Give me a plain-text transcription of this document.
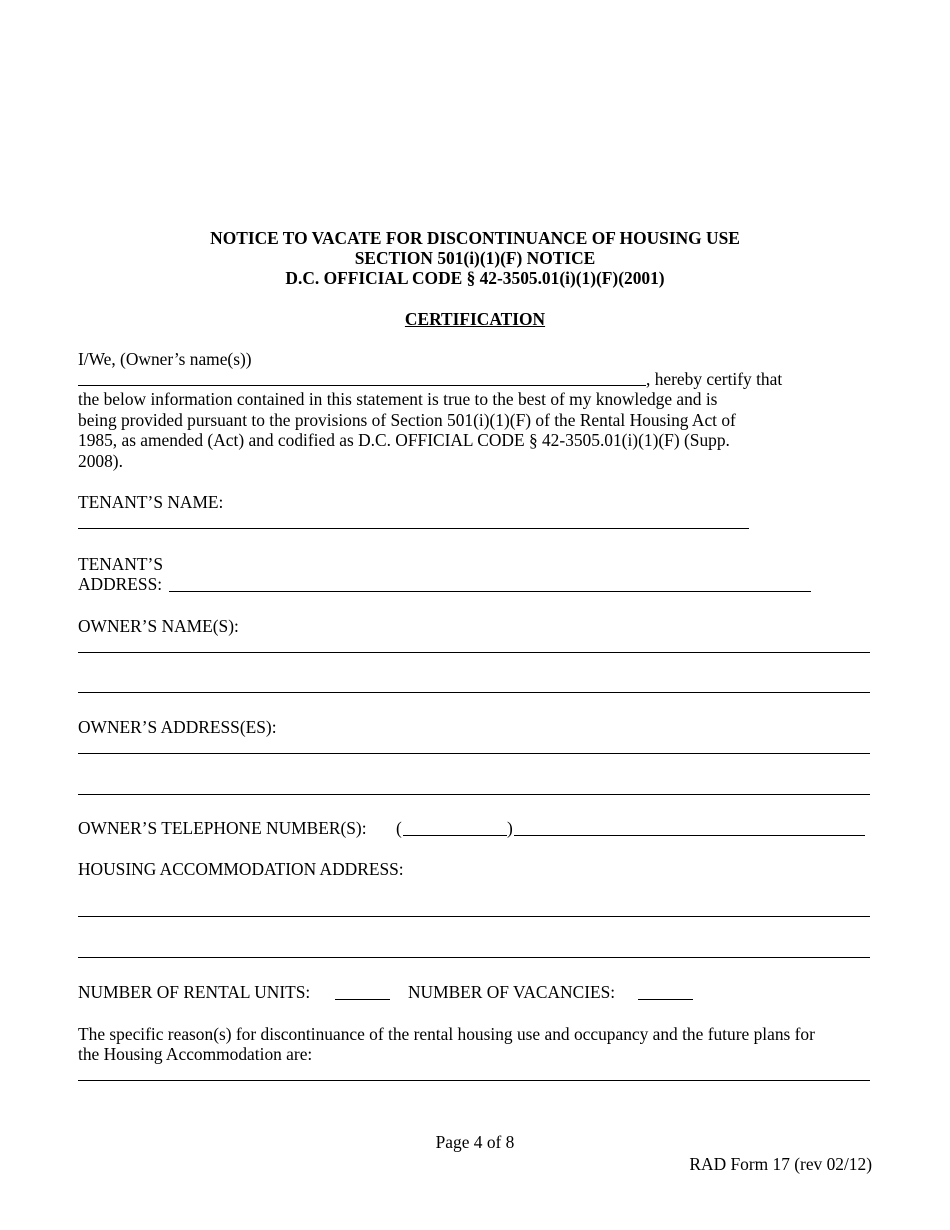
NOTICE TO VACATE FOR DISCONTINUANCE OF HOUSING USE
SECTION 501(i)(1)(F) NOTICE
D.C. OFFICIAL CODE § 42-3505.01(i)(1)(F)(2001)
CERTIFICATION
I/We, (Owner’s name(s))
, hereby certify that
the below information contained in this statement is true to the best of my knowledge and is
being provided pursuant to the provisions of Section 501(i)(1)(F) of the Rental Housing Act of
1985, as amended (Act) and codified as D.C. OFFICIAL CODE § 42-3505.01(i)(1)(F) (Supp.
2008).
TENANT’S NAME:
TENANT’S
ADDRESS:
OWNER’S NAME(S):
OWNER’S ADDRESS(ES):
OWNER’S TELEPHONE NUMBER(S): (	)
HOUSING ACCOMMODATION ADDRESS:
NUMBER OF RENTAL UNITS:	NUMBER OF VACANCIES:
The specific reason(s) for discontinuance of the rental housing use and occupancy and the future plans for
the Housing Accommodation are:
Page 4 of 8
RAD Form 17 (rev 02/12)
